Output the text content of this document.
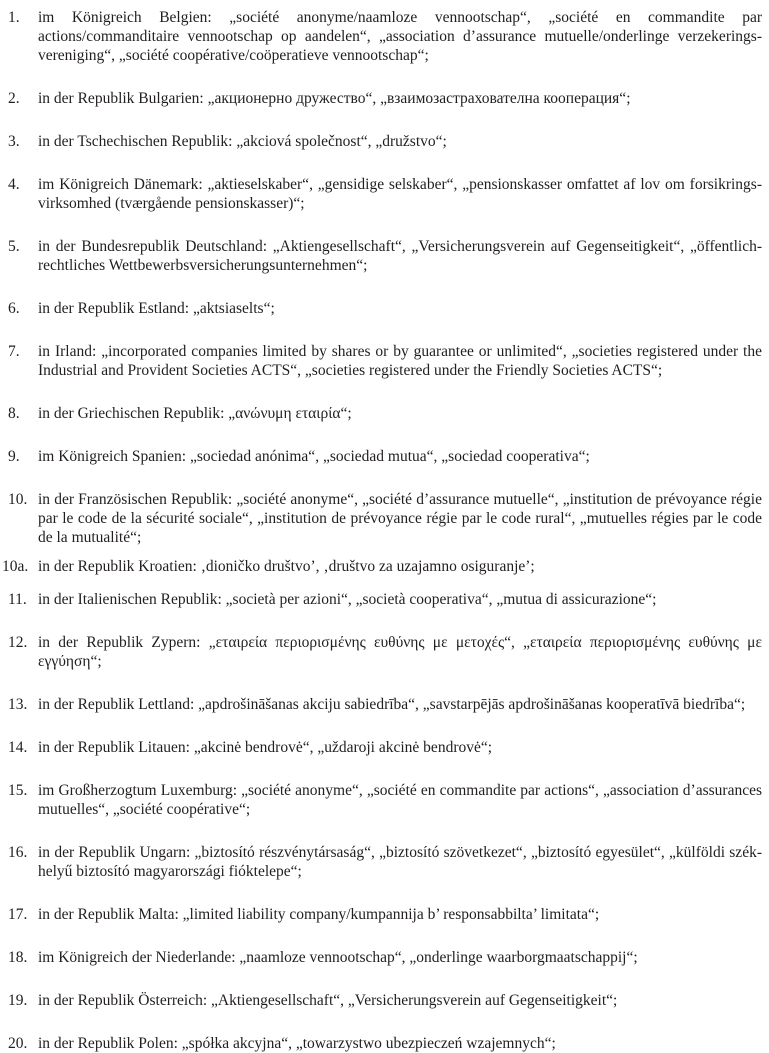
1.	im Königreich Belgien: „société anonyme/naamloze vennootschap“, „société en commandite par actions/commanditaire vennootschap op aandelen“, „association d’assurance mutuelle/onderlinge verzekeringsvereniging“, „société coopérative/coöperatieve vennootschap“;
2.	in der Republik Bulgarien: „акционерно дружество“, „взаимозастрахователна кооперация“;
3.	in der Tschechischen Republik: „akciová společnost“, „družstvo“;
4.	im Königreich Dänemark: „aktieselskaber“, „gensidige selskaber“, „pensionskasser omfattet af lov om forsikringsvirksomhed (tværgående pensionskasser)“;
5.	in der Bundesrepublik Deutschland: „Aktiengesellschaft“, „Versicherungsverein auf Gegenseitigkeit“, „öffentlich-rechtliches Wettbewerbsversicherungsunternehmen“;
6.	in der Republik Estland: „aktsiaselts“;
7.	in Irland: „incorporated companies limited by shares or by guarantee or unlimited“, „societies registered under the Industrial and Provident Societies ACTS“, „societies registered under the Friendly Societies ACTS“;
8.	in der Griechischen Republik: „ανώνυμη εταιρία“;
9.	im Königreich Spanien: „sociedad anónima“, „sociedad mutua“, „sociedad cooperativa“;
10. in der Französischen Republik: „société anonyme“, „société d’assurance mutuelle“, „institution de prévoyance régie par le code de la sécurité sociale“, „institution de prévoyance régie par le code rural“, „mutuelles régies par le code de la mutualité“;
10a. in der Republik Kroatien: ‚dioničko društvo’, ‚društvo za uzajamno osiguranje’;
11. in der Italienischen Republik: „società per azioni“, „società cooperativa“, „mutua di assicurazione“;
12. in der Republik Zypern: „εταιρεία περιορισμένης ευθύνης με μετοχές“, „εταιρεία περιορισμένης ευθύνης με εγγύηση“;
13. in der Republik Lettland: „apdrošināšanas akciju sabiedrība“, „savstarpējās apdrošināšanas kooperatīvā biedrība“;
14. in der Republik Litauen: „akcinė bendrovė“, „uždaroji akcinė bendrovė“;
15. im Großherzogtum Luxemburg: „société anonyme“, „société en commandite par actions“, „association d’assurances mutuelles“, „société coopérative“;
16. in der Republik Ungarn: „biztosító részvénytársaság“, „biztosító szövetkezet“, „biztosító egyesület“, „külföldi székhelyű biztosító magyarországi fióktelepe“;
17. in der Republik Malta: „limited liability company/kumpannija b’ responsabbilta’ limitata“;
18. im Königreich der Niederlande: „naamloze vennootschap“, „onderlinge waarborgmaatschappij“;
19. in der Republik Österreich: „Aktiengesellschaft“, „Versicherungsverein auf Gegenseitigkeit“;
20. in der Republik Polen: „spółka akcyjna“, „towarzystwo ubezpieczeń wzajemnych“;
